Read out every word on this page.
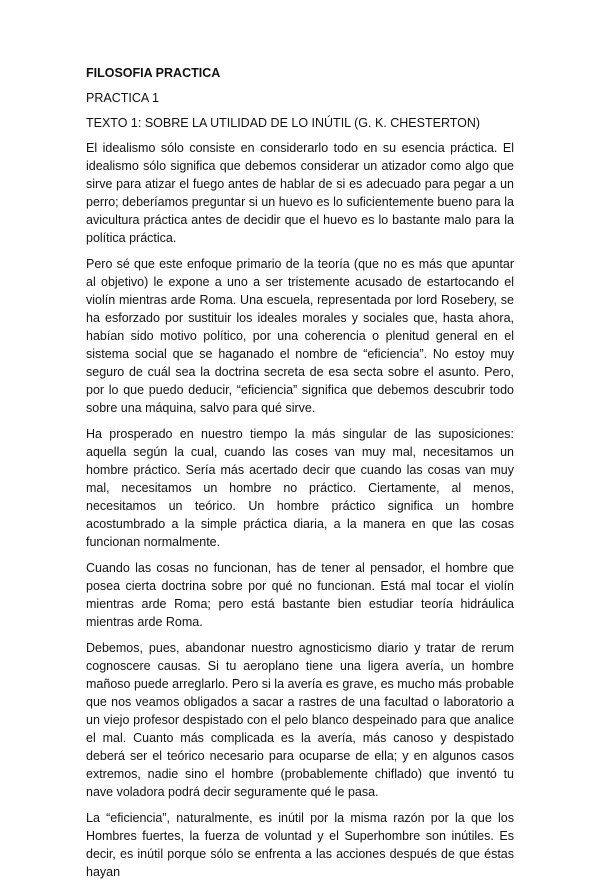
FILOSOFIA PRACTICA
PRACTICA 1
TEXTO 1: SOBRE LA UTILIDAD DE LO INÚTIL (G. K. CHESTERTON)

El idealismo sólo consiste en considerarlo todo en su esencia práctica. El idealismo sólo significa que debemos considerar un atizador como algo que sirve para atizar el fuego antes de hablar de si es adecuado para pegar a un perro; deberíamos preguntar si un huevo es lo suficientemente bueno para la avicultura práctica antes de decidir que el huevo es lo bastante malo para la política práctica.

Pero sé que este enfoque primario de la teoría (que no es más que apuntar al objetivo) le expone a uno a ser tristemente acusado de estartocando el violín mientras arde Roma. Una escuela, representada por lord Rosebery, se ha esforzado por sustituir los ideales morales y sociales que, hasta ahora, habían sido motivo político, por una coherencia o plenitud general en el sistema social que se haganado el nombre de “eficiencia”. No estoy muy seguro de cuál sea la doctrina secreta de esa secta sobre el asunto. Pero, por lo que puedo deducir, “eficiencia” significa que debemos descubrir todo sobre una máquina, salvo para qué sirve.

Ha prosperado en nuestro tiempo la más singular de las suposiciones: aquella según la cual, cuando las coses van muy mal, necesitamos un hombre práctico. Sería más acertado decir que cuando las cosas van muy mal, necesitamos un hombre no práctico. Ciertamente, al menos, necesitamos un teórico. Un hombre práctico significa un hombre acostumbrado a la simple práctica diaria, a la manera en que las cosas funcionan normalmente.

Cuando las cosas no funcionan, has de tener al pensador, el hombre que posea cierta doctrina sobre por qué no funcionan. Está mal tocar el violín mientras arde Roma; pero está bastante bien estudiar teoría hidráulica mientras arde Roma.

Debemos, pues, abandonar nuestro agnosticismo diario y tratar de rerum cognoscere causas. Si tu aeroplano tiene una ligera avería, un hombre mañoso puede arreglarlo. Pero si la avería es grave, es mucho más probable que nos veamos obligados a sacar a rastres de una facultad o laboratorio a un viejo profesor despistado con el pelo blanco despeinado para que analice el mal. Cuanto más complicada es la avería, más canoso y despistado deberá ser el teórico necesario para ocuparse de ella; y en algunos casos extremos, nadie sino el hombre (probablemente chiflado) que inventó tu nave voladora podrá decir seguramente qué le pasa.

La “eficiencia”, naturalmente, es inútil por la misma razón por la que los Hombres fuertes, la fuerza de voluntad y el Superhombre son inútiles. Es decir, es inútil porque sólo se enfrenta a las acciones después de que éstas hayan
